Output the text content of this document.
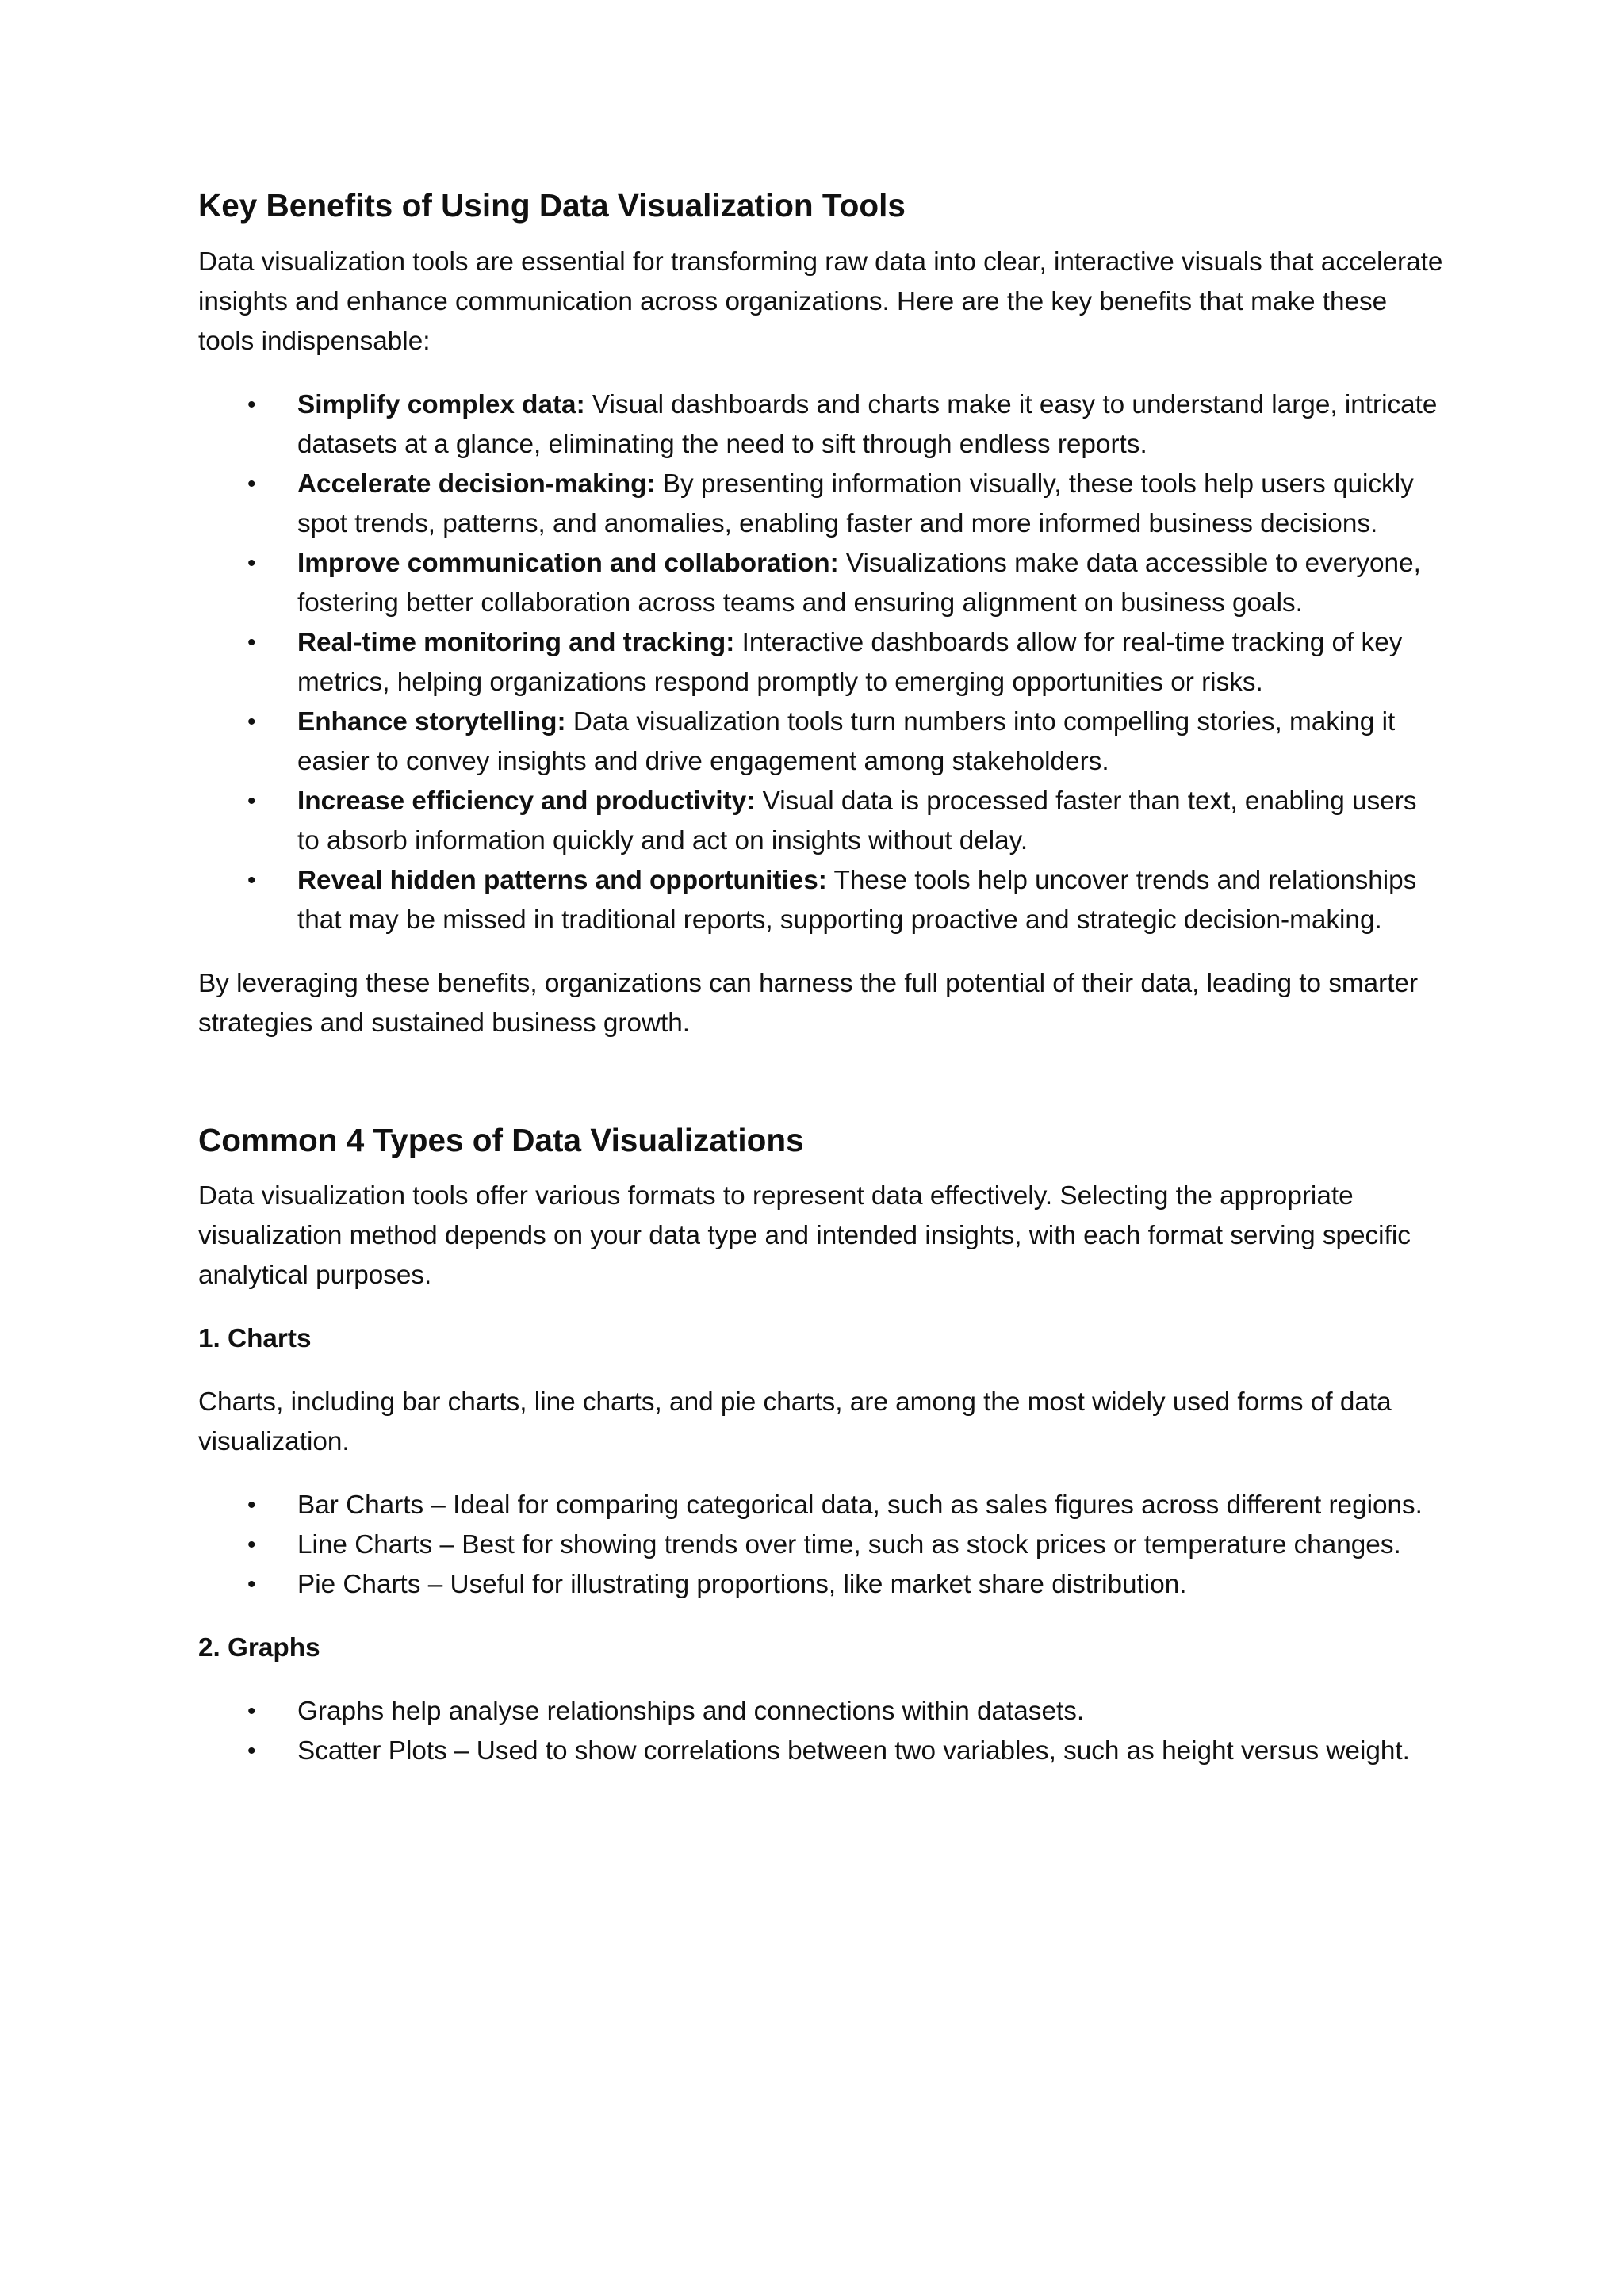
Key Benefits of Using Data Visualization Tools

Data visualization tools are essential for transforming raw data into clear, interactive visuals that accelerate insights and enhance communication across organizations. Here are the key benefits that make these tools indispensable:

• Simplify complex data: Visual dashboards and charts make it easy to understand large, intricate datasets at a glance, eliminating the need to sift through endless reports.
• Accelerate decision-making: By presenting information visually, these tools help users quickly spot trends, patterns, and anomalies, enabling faster and more informed business decisions.
• Improve communication and collaboration: Visualizations make data accessible to everyone, fostering better collaboration across teams and ensuring alignment on business goals.
• Real-time monitoring and tracking: Interactive dashboards allow for real-time tracking of key metrics, helping organizations respond promptly to emerging opportunities or risks.
• Enhance storytelling: Data visualization tools turn numbers into compelling stories, making it easier to convey insights and drive engagement among stakeholders.
• Increase efficiency and productivity: Visual data is processed faster than text, enabling users to absorb information quickly and act on insights without delay.
• Reveal hidden patterns and opportunities: These tools help uncover trends and relationships that may be missed in traditional reports, supporting proactive and strategic decision-making.

By leveraging these benefits, organizations can harness the full potential of their data, leading to smarter strategies and sustained business growth.

Common 4 Types of Data Visualizations

Data visualization tools offer various formats to represent data effectively. Selecting the appropriate visualization method depends on your data type and intended insights, with each format serving specific analytical purposes.

1. Charts

Charts, including bar charts, line charts, and pie charts, are among the most widely used forms of data visualization.

• Bar Charts – Ideal for comparing categorical data, such as sales figures across different regions.
• Line Charts – Best for showing trends over time, such as stock prices or temperature changes.
• Pie Charts – Useful for illustrating proportions, like market share distribution.

2. Graphs

• Graphs help analyse relationships and connections within datasets.
• Scatter Plots – Used to show correlations between two variables, such as height versus weight.
